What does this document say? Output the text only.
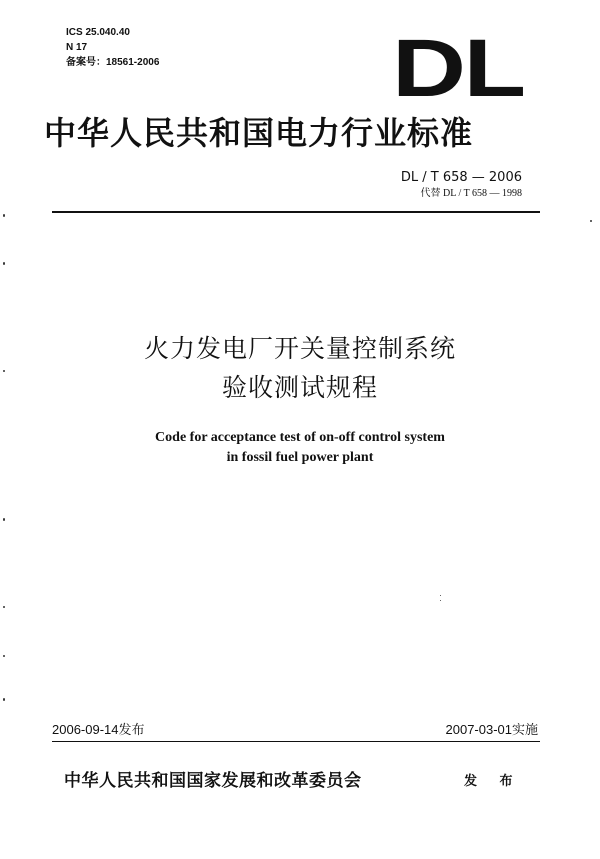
ICS 25.040.40
N 17
备案号：18561-2006	DL
中华人民共和国电力行业标准
DL / T 658 — 2006
代替 DL / T 658 — 1998
火力发电厂开关量控制系统
验收测试规程
Code for acceptance test of on-off control system
in fossil fuel power plant
2006-09-14发布	2007-03-01实施
中华人民共和国国家发展和改革委员会	发 布
